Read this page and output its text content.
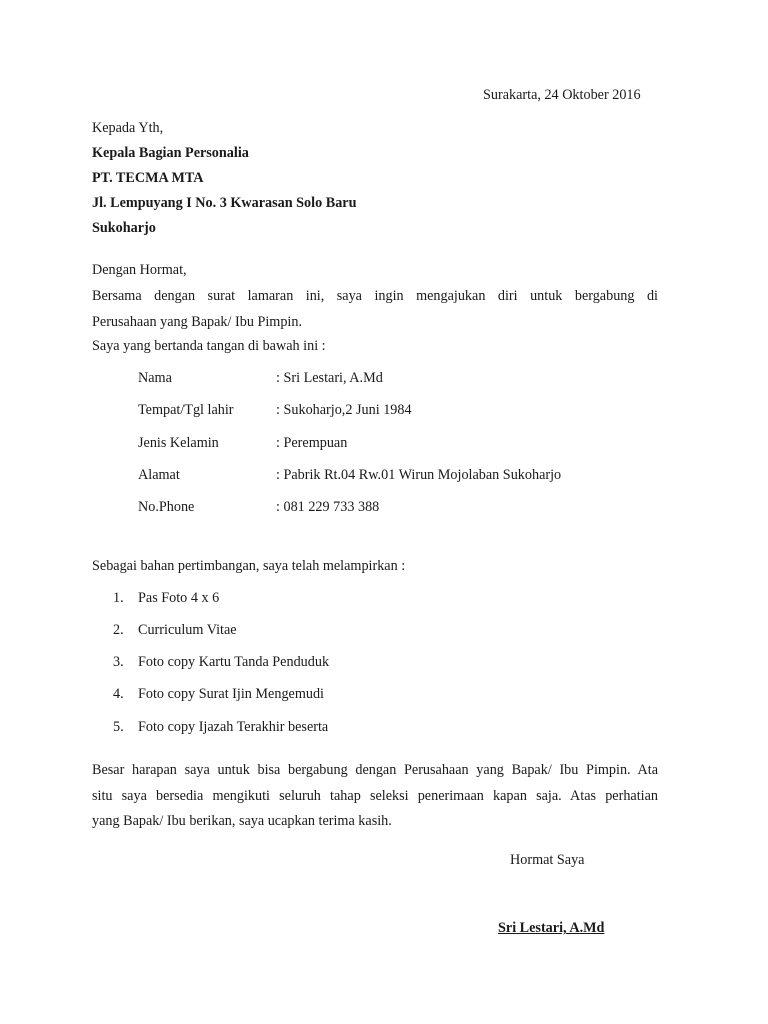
Surakarta, 24 Oktober 2016
Kepada Yth,
Kepala Bagian Personalia
PT. TECMA MTA
Jl. Lempuyang I No. 3 Kwarasan Solo Baru
Sukoharjo
Dengan Hormat,
Bersama dengan surat lamaran ini, saya ingin mengajukan diri untuk bergabung di
Perusahaan yang Bapak/ Ibu Pimpin.
Saya yang bertanda tangan di bawah ini :
Nama	: Sri Lestari, A.Md
Tempat/Tgl lahir	: Sukoharjo,2 Juni 1984
Jenis Kelamin	: Perempuan
Alamat	: Pabrik Rt.04 Rw.01 Wirun Mojolaban Sukoharjo
No.Phone	: 081 229 733 388
Sebagai bahan pertimbangan, saya telah melampirkan :
1. Pas Foto 4 x 6
2. Curriculum Vitae
3. Foto copy Kartu Tanda Penduduk
4. Foto copy Surat Ijin Mengemudi
5. Foto copy Ijazah Terakhir beserta
Besar harapan saya untuk bisa bergabung dengan Perusahaan yang Bapak/ Ibu Pimpin. Ata
situ saya bersedia mengikuti seluruh tahap seleksi penerimaan kapan saja. Atas perhatian
yang Bapak/ Ibu berikan, saya ucapkan terima kasih.
Hormat Saya
Sri Lestari, A.Md
